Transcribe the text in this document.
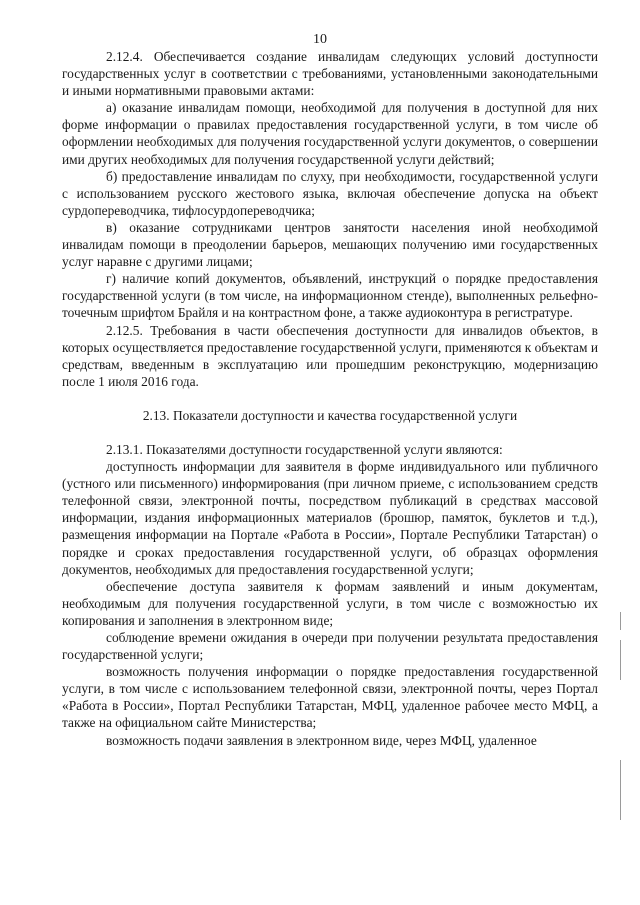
10

2.12.4. Обеспечивается создание инвалидам следующих условий доступности государственных услуг в соответствии с требованиями, установленными законодательными и иными нормативными правовыми актами:

а) оказание инвалидам помощи, необходимой для получения в доступной для них форме информации о правилах предоставления государственной услуги, в том числе об оформлении необходимых для получения государственной услуги документов, о совершении ими других необходимых для получения государственной услуги действий;

б) предоставление инвалидам по слуху, при необходимости, государственной услуги с использованием русского жестового языка, включая обеспечение допуска на объект сурдопереводчика, тифлосурдопереводчика;

в) оказание сотрудниками центров занятости населения иной необходимой инвалидам помощи в преодолении барьеров, мешающих получению ими государственных услуг наравне с другими лицами;

г) наличие копий документов, объявлений, инструкций о порядке предоставления государственной услуги (в том числе, на информационном стенде), выполненных рельефно-точечным шрифтом Брайля и на контрастном фоне, а также аудиоконтура в регистратуре.

2.12.5. Требования в части обеспечения доступности для инвалидов объектов, в которых осуществляется предоставление государственной услуги, применяются к объектам и средствам, введенным в эксплуатацию или прошедшим реконструкцию, модернизацию после 1 июля 2016 года.

2.13. Показатели доступности и качества государственной услуги

2.13.1. Показателями доступности государственной услуги являются:

доступность информации для заявителя в форме индивидуального или публичного (устного или письменного) информирования (при личном приеме, с использованием средств телефонной связи, электронной почты, посредством публикаций в средствах массовой информации, издания информационных материалов (брошюр, памяток, буклетов и т.д.), размещения информации на Портале «Работа в России», Портале Республики Татарстан) о порядке и сроках предоставления государственной услуги, об образцах оформления документов, необходимых для предоставления государственной услуги;

обеспечение доступа заявителя к формам заявлений и иным документам, необходимым для получения государственной услуги, в том числе с возможностью их копирования и заполнения в электронном виде;

соблюдение времени ожидания в очереди при получении результата предоставления государственной услуги;

возможность получения информации о порядке предоставления государственной услуги, в том числе с использованием телефонной связи, электронной почты, через Портал «Работа в России», Портал Республики Татарстан, МФЦ, удаленное рабочее место МФЦ, а также на официальном сайте Министерства;

возможность подачи заявления в электронном виде, через МФЦ, удаленное
